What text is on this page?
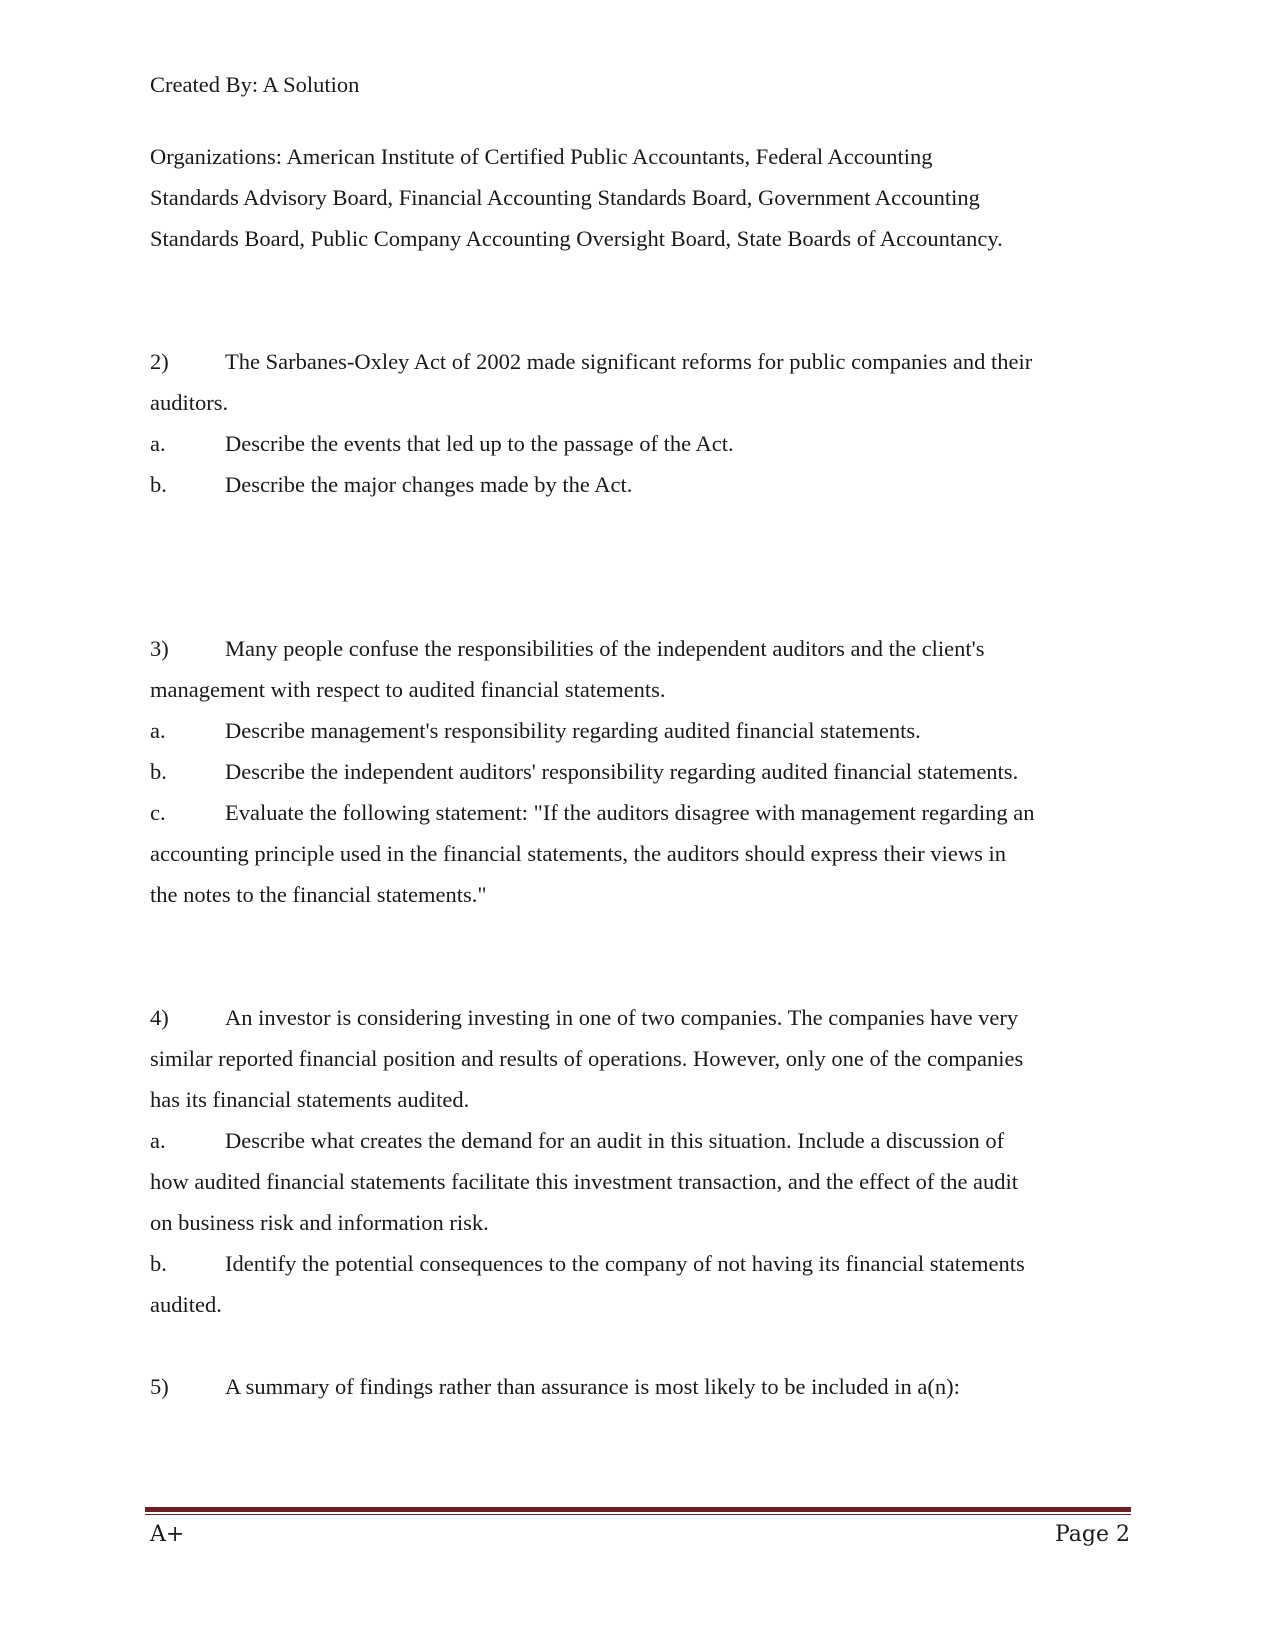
Created By: A Solution
Organizations: American Institute of Certified Public Accountants, Federal Accounting
Standards Advisory Board, Financial Accounting Standards Board, Government Accounting
Standards Board, Public Company Accounting Oversight Board, State Boards of Accountancy.
2)	The Sarbanes-Oxley Act of 2002 made significant reforms for public companies and their
auditors.
a.	Describe the events that led up to the passage of the Act.
b.	Describe the major changes made by the Act.
3)	Many people confuse the responsibilities of the independent auditors and the client's
management with respect to audited financial statements.
a.	Describe management's responsibility regarding audited financial statements.
b.	Describe the independent auditors' responsibility regarding audited financial statements.
c.	Evaluate the following statement: "If the auditors disagree with management regarding an
accounting principle used in the financial statements, the auditors should express their views in
the notes to the financial statements."
4)	An investor is considering investing in one of two companies. The companies have very
similar reported financial position and results of operations. However, only one of the companies
has its financial statements audited.
a.	Describe what creates the demand for an audit in this situation. Include a discussion of
how audited financial statements facilitate this investment transaction, and the effect of the audit
on business risk and information risk.
b.	Identify the potential consequences to the company of not having its financial statements
audited.
5)	A summary of findings rather than assurance is most likely to be included in a(n):
A+	Page 2
